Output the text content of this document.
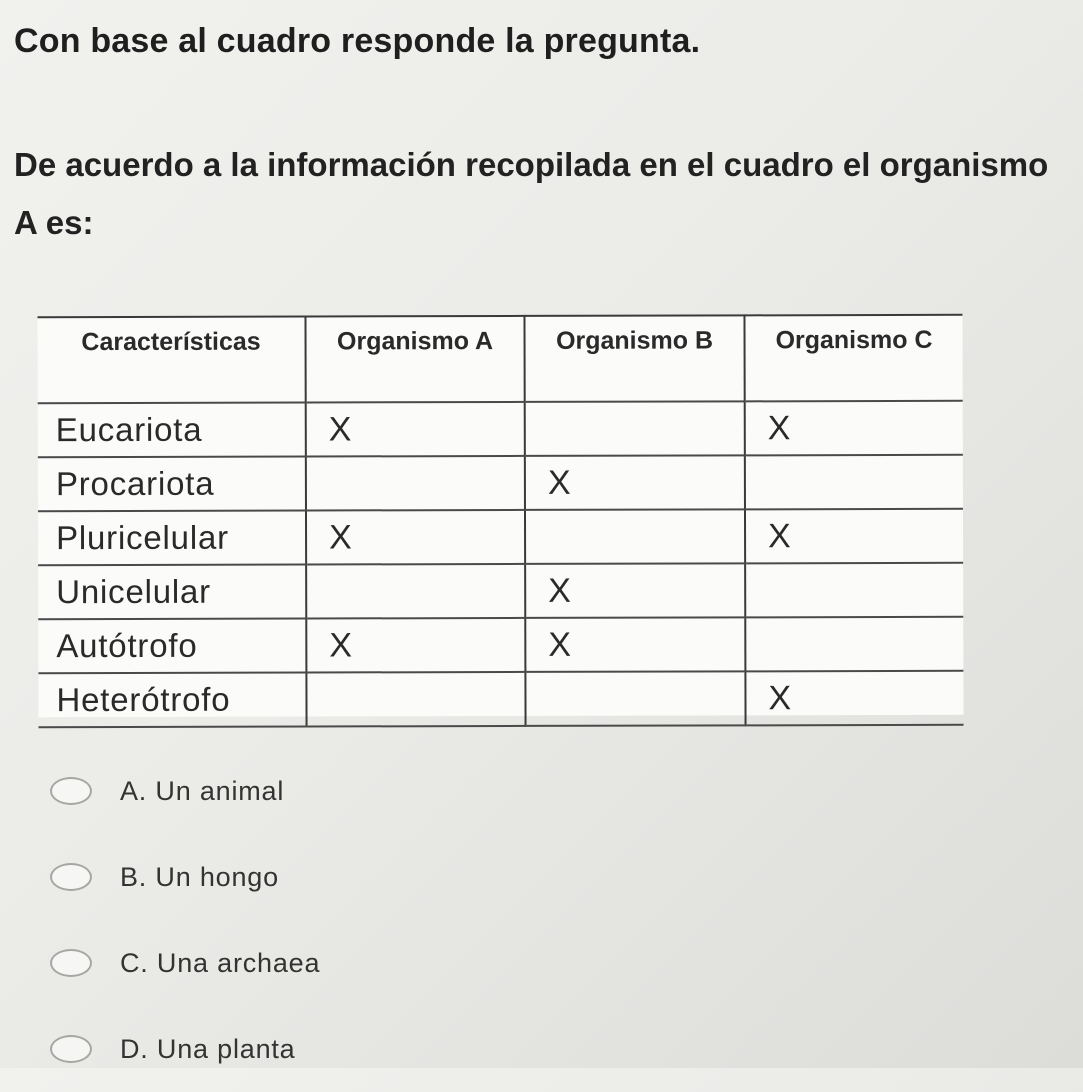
Con base al cuadro responde la pregunta.
De acuerdo a la información recopilada en el cuadro el organismo A es:
Características	Organismo A	Organismo B	Organismo C
Eucariota	X		X
Procariota		X	
Pluricelular	X		X
Unicelular		X	
Autótrofo	X	X	
Heterótrofo			X
A. Un animal
B. Un hongo
C. Una archaea
D. Una planta
